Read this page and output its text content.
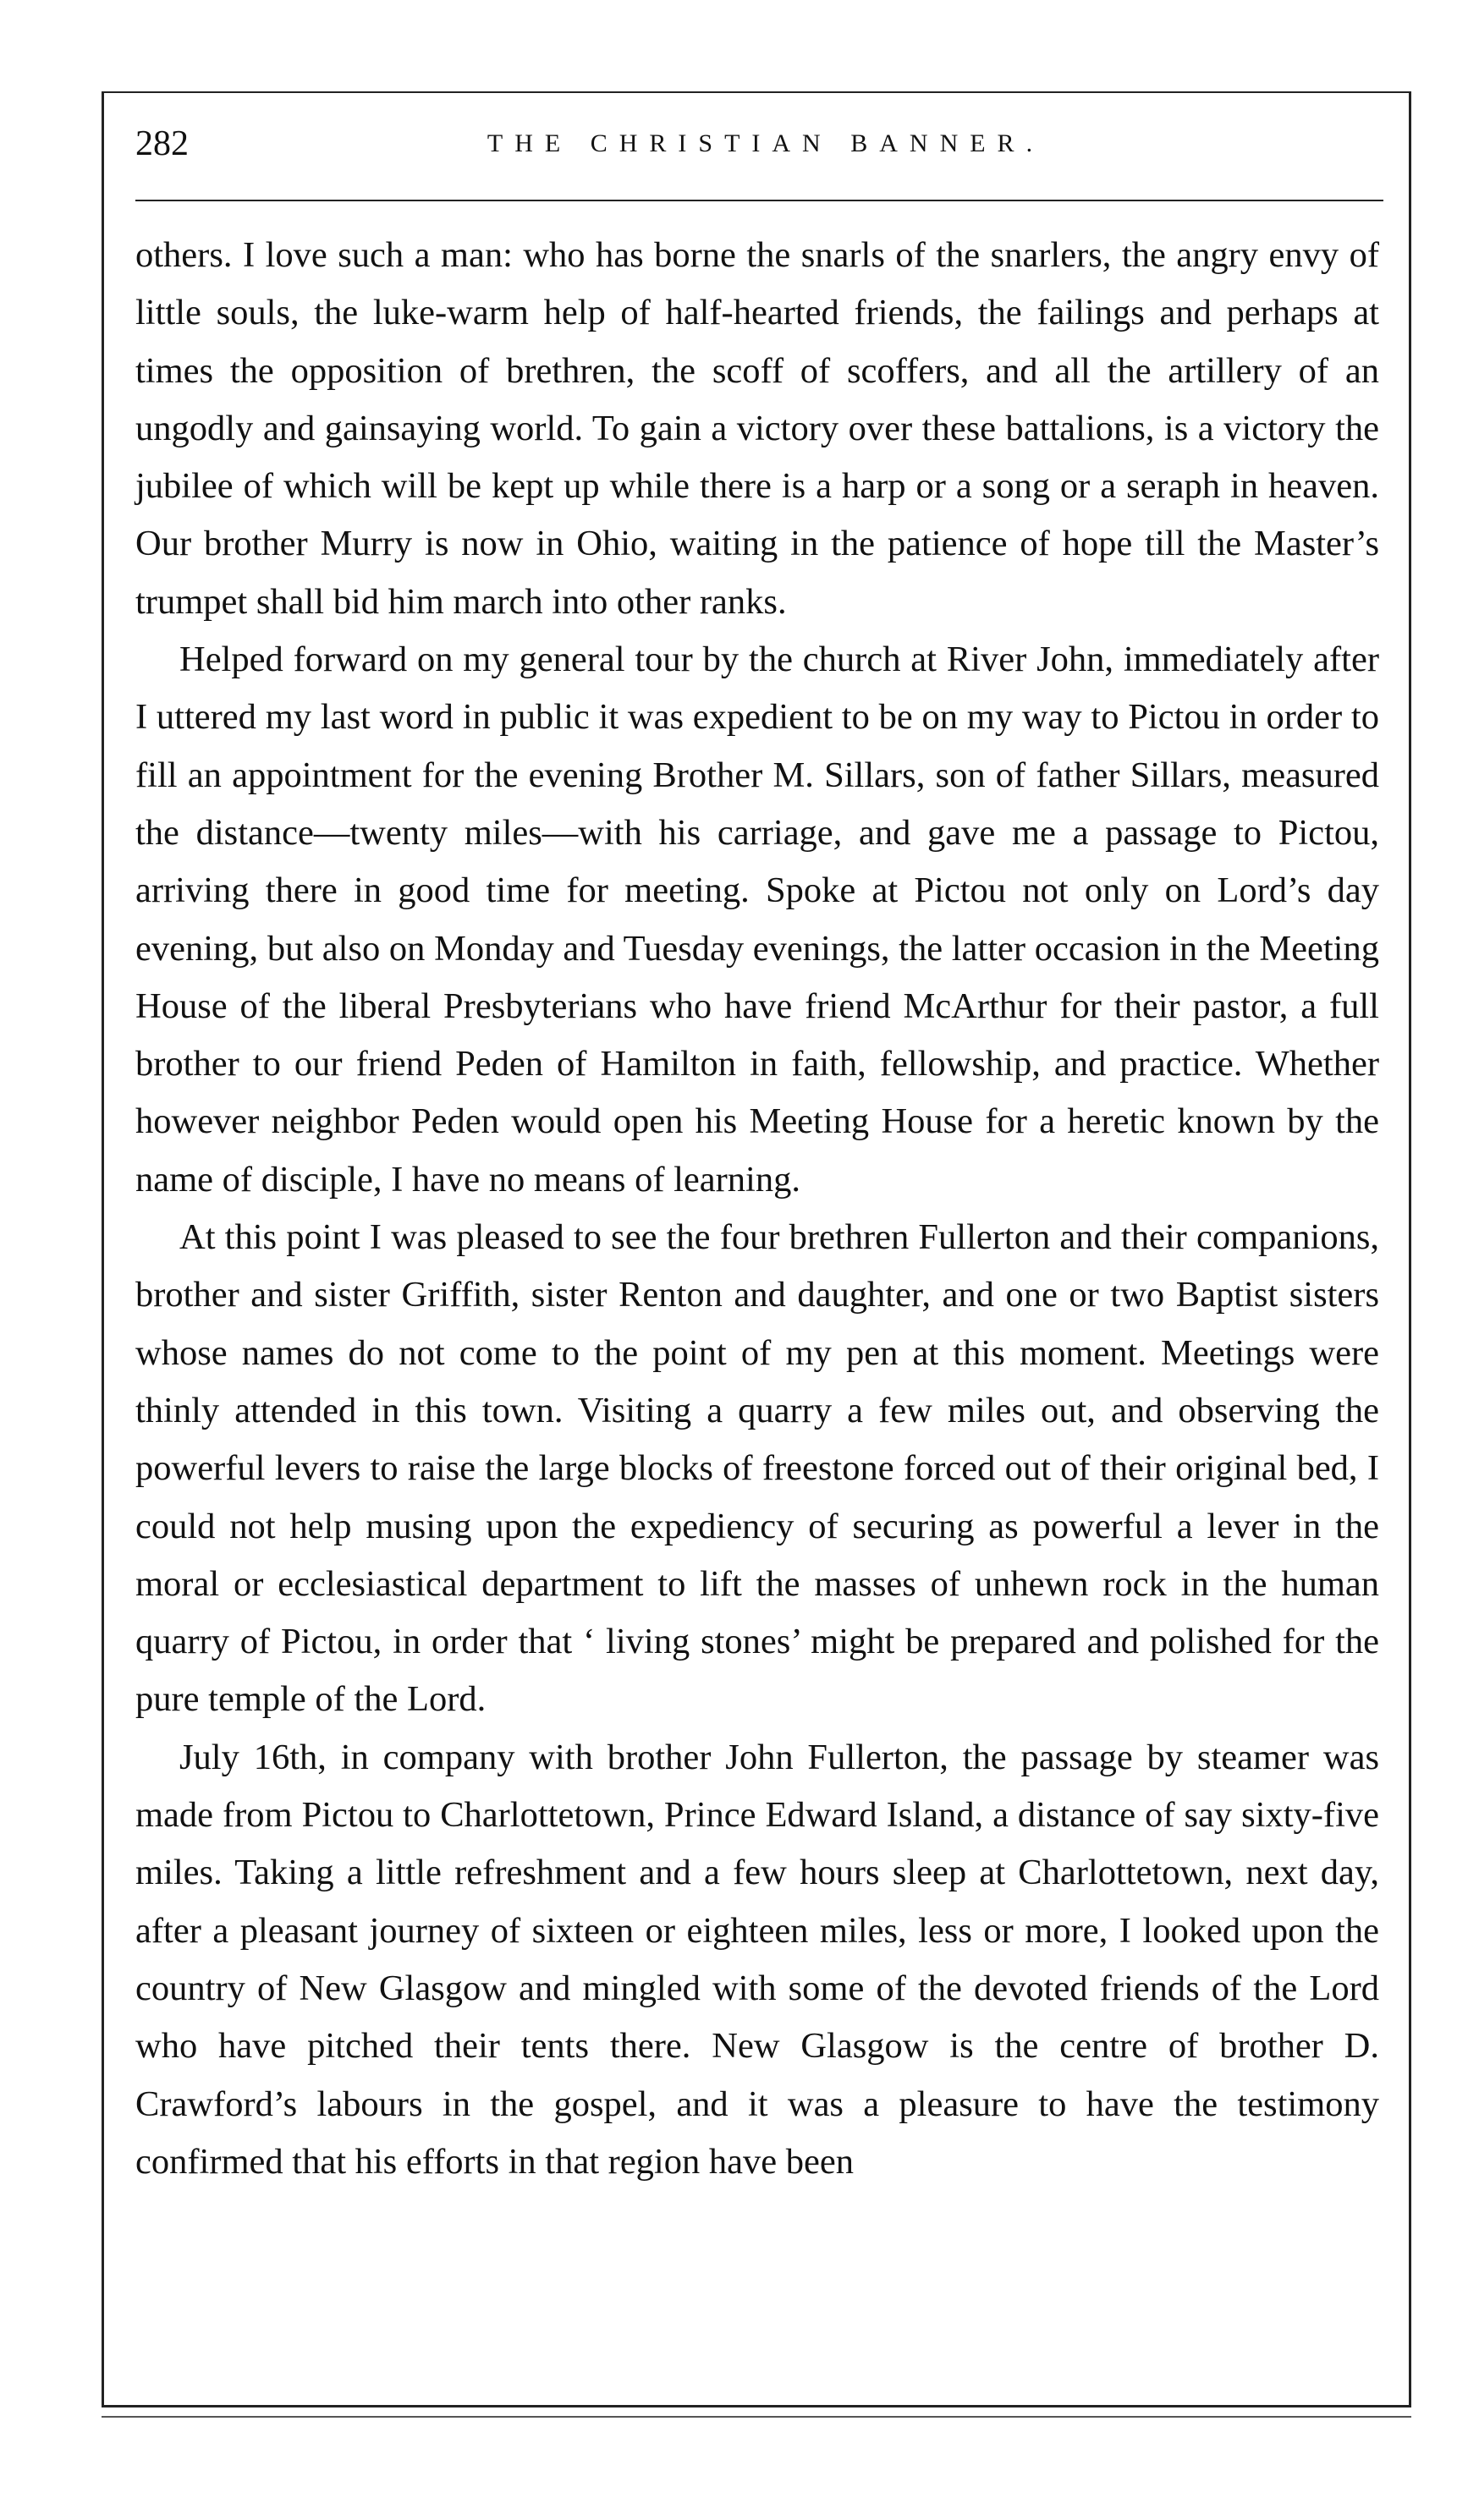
282	THE CHRISTIAN BANNER.

others. I love such a man: who has borne the snarls of the snarlers, the angry envy of little souls, the luke-warm help of half-hearted friends, the failings and perhaps at times the opposition of brethren, the scoff of scoffers, and all the artillery of an ungodly and gainsaying world. To gain a victory over these battalions, is a victory the jubilee of which will be kept up while there is a harp or a song or a seraph in heaven. Our brother Murry is now in Ohio, waiting in the patience of hope till the Master’s trumpet shall bid him march into other ranks.

Helped forward on my general tour by the church at River John, immediately after I uttered my last word in public it was expedient to be on my way to Pictou in order to fill an appointment for the evening Brother M. Sillars, son of father Sillars, measured the distance—twenty miles—with his carriage, and gave me a passage to Pictou, arriving there in good time for meeting. Spoke at Pictou not only on Lord’s day evening, but also on Monday and Tuesday evenings, the latter occasion in the Meeting House of the liberal Presbyterians who have friend McArthur for their pastor, a full brother to our friend Peden of Hamilton in faith, fellowship, and practice. Whether however neighbor Peden would open his Meeting House for a heretic known by the name of disciple, I have no means of learning.

At this point I was pleased to see the four brethren Fullerton and their companions, brother and sister Griffith, sister Renton and daughter, and one or two Baptist sisters whose names do not come to the point of my pen at this moment. Meetings were thinly attended in this town. Visiting a quarry a few miles out, and observing the powerful levers to raise the large blocks of freestone forced out of their original bed, I could not help musing upon the expediency of securing as powerful a lever in the moral or ecclesiastical department to lift the masses of unhewn rock in the human quarry of Pictou, in order that ‘ living stones’ might be prepared and polished for the pure temple of the Lord.

July 16th, in company with brother John Fullerton, the passage by steamer was made from Pictou to Charlottetown, Prince Edward Island, a distance of say sixty-five miles. Taking a little refreshment and a few hours sleep at Charlottetown, next day, after a pleasant journey of sixteen or eighteen miles, less or more, I looked upon the country of New Glasgow and mingled with some of the devoted friends of the Lord who have pitched their tents there. New Glasgow is the centre of brother D. Crawford’s labours in the gospel, and it was a pleasure to have the testimony confirmed that his efforts in that region have been
